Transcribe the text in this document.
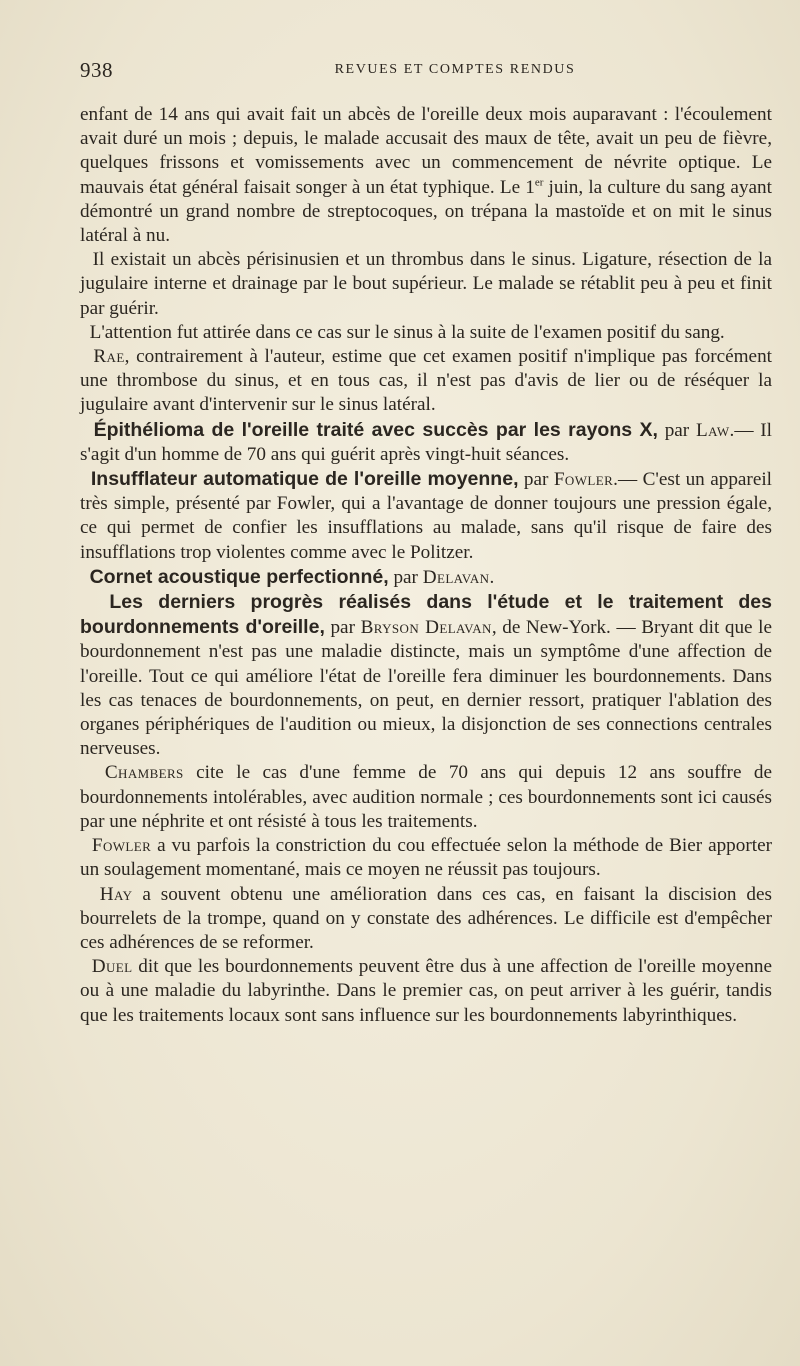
938	REVUES ET COMPTES RENDUS

enfant de 14 ans qui avait fait un abcès de l'oreille deux mois auparavant : l'écoulement avait duré un mois ; depuis, le malade accusait des maux de tête, avait un peu de fièvre, quelques frissons et vomissements avec un commencement de névrite optique. Le mauvais état général faisait songer à un état typhique. Le 1er juin, la culture du sang ayant démontré un grand nombre de streptocoques, on trépana la mastoïde et on mit le sinus latéral à nu.

Il existait un abcès périsinusien et un thrombus dans le sinus. Ligature, résection de la jugulaire interne et drainage par le bout supérieur. Le malade se rétablit peu à peu et finit par guérir.

L'attention fut attirée dans ce cas sur le sinus à la suite de l'examen positif du sang.

Rae, contrairement à l'auteur, estime que cet examen positif n'implique pas forcément une thrombose du sinus, et en tous cas, il n'est pas d'avis de lier ou de réséquer la jugulaire avant d'intervenir sur le sinus latéral.

Épithélioma de l'oreille traité avec succès par les rayons X, par Law.— Il s'agit d'un homme de 70 ans qui guérit après vingt-huit séances.

Insufflateur automatique de l'oreille moyenne, par Fowler.— C'est un appareil très simple, présenté par Fowler, qui a l'avantage de donner toujours une pression égale, ce qui permet de confier les insufflations au malade, sans qu'il risque de faire des insufflations trop violentes comme avec le Politzer.

Cornet acoustique perfectionné, par Delavan.

Les derniers progrès réalisés dans l'étude et le traitement des bourdonnements d'oreille, par Bryson Delavan, de New-York. — Bryant dit que le bourdonnement n'est pas une maladie distincte, mais un symptôme d'une affection de l'oreille. Tout ce qui améliore l'état de l'oreille fera diminuer les bourdonnements. Dans les cas tenaces de bourdonnements, on peut, en dernier ressort, pratiquer l'ablation des organes périphériques de l'audition ou mieux, la disjonction de ses connections centrales nerveuses.

Chambers cite le cas d'une femme de 70 ans qui depuis 12 ans souffre de bourdonnements intolérables, avec audition normale ; ces bourdonnements sont ici causés par une néphrite et ont résisté à tous les traitements.

Fowler a vu parfois la constriction du cou effectuée selon la méthode de Bier apporter un soulagement momentané, mais ce moyen ne réussit pas toujours.

Hay a souvent obtenu une amélioration dans ces cas, en faisant la discision des bourrelets de la trompe, quand on y constate des adhérences. Le difficile est d'empêcher ces adhérences de se reformer.

Duel dit que les bourdonnements peuvent être dus à une affection de l'oreille moyenne ou à une maladie du labyrinthe. Dans le premier cas, on peut arriver à les guérir, tandis que les traitements locaux sont sans influence sur les bourdonnements labyrinthiques.
